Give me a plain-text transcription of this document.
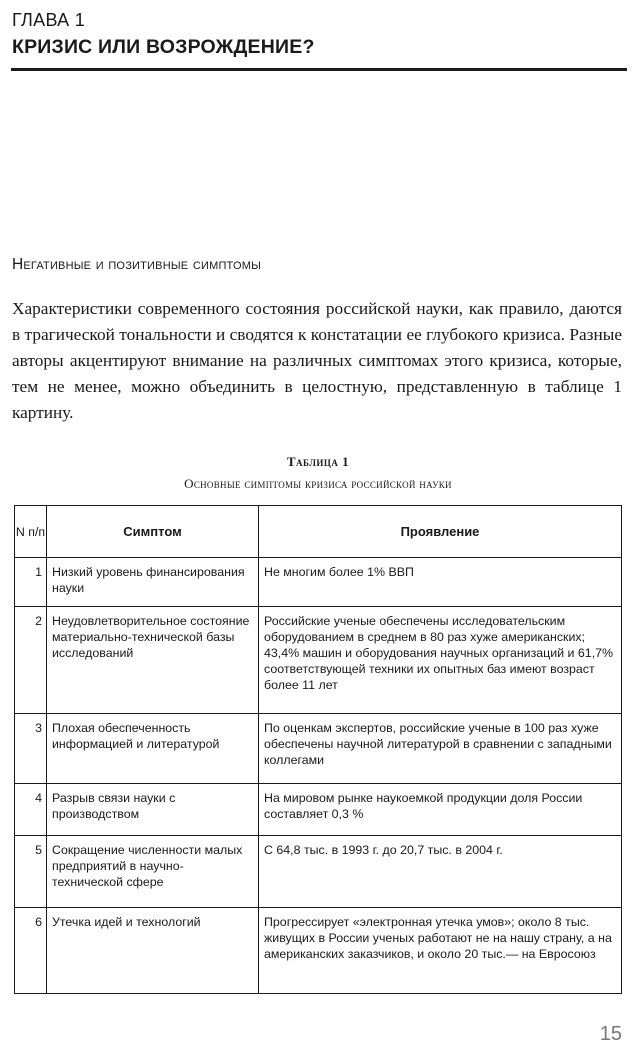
ГЛАВА 1
КРИЗИС ИЛИ ВОЗРОЖДЕНИЕ?
Негативные и позитивные симптомы

Характеристики современного состояния российской науки, как правило, даются в трагической тональности и сводятся к констатации ее глубокого кризиса. Разные авторы акцентируют внимание на различных симптомах этого кризиса, которые, тем не менее, можно объединить в целостную, представленную в таблице 1 картину.

Таблица 1
Основные симптомы кризиса российской науки
N п/п	Симптом	Проявление

1	Низкий уровень финансирования науки	Не многим более 1% ВВП

2	Неудовлетворительное состояние материально-технической базы исследований	Российские ученые обеспечены исследовательским оборудованием в среднем в 80 раз хуже американских; 43,4% машин и оборудования научных организаций и 61,7% соответствующей техники их опытных баз имеют возраст более 11 лет

3	Плохая обеспеченность информацией и литературой	По оценкам экспертов, российские ученые в 100 раз хуже обеспечены научной литературой в сравнении с западными коллегами

4	Разрыв связи науки с производством	На мировом рынке наукоемкой продукции доля России составляет 0,3 %

5	Сокращение численности малых предприятий в научно-технической сфере	С 64,8 тыс. в 1993 г. до 20,7 тыс. в 2004 г.

6	Утечка идей и технологий	Прогрессирует «электронная утечка умов»; около 8 тыс. живущих в России ученых работают не на нашу страну, а на американских заказчиков, и около 20 тыс.— на Евросоюз
15
